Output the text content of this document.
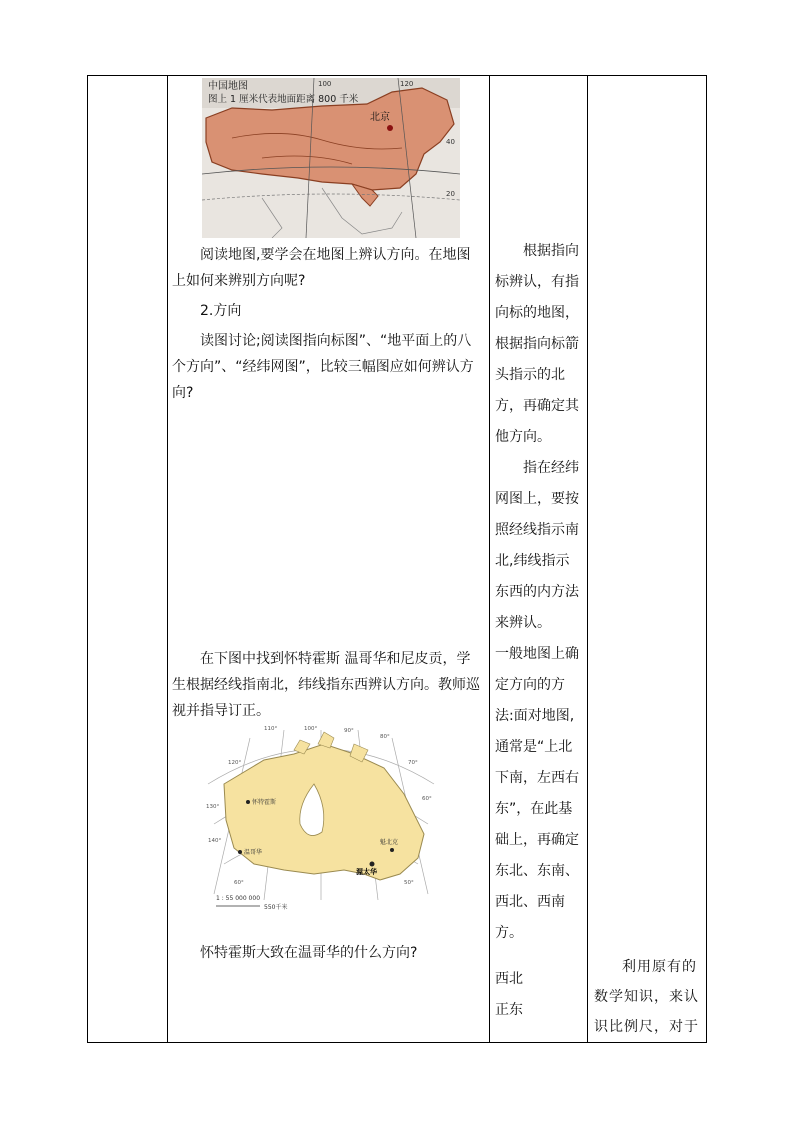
中国地图
图上 1 厘米代表地面距离 800 千米
北京
100	120
40
20

阅读地图,要学会在地图上辨认方向。在地图上如何来辨别方向呢?

2.方向

读图讨论;阅读图指向标图”、“地平面上的八个方向”、“经纬网图”，比较三幅图应如何辨认方向?

在下图中找到怀特霍斯 温哥华和尼皮贡，学生根据经线指南北，纬线指东西辨认方向。教师巡视并指导订正。

怀特霍斯
温哥华
渥太华
魁北克
110°	100°	90°
80°
70°
60°
120°
130°
140°
60°	50°
1 : 55 000 000
550千米

怀特霍斯大致在温哥华的什么方向?

根据指向标辨认，有指向标的地图，根据指向标箭头指示的北方，再确定其他方向。

指在经纬网图上，要按照经线指示南北,纬线指示东西的内方法来辨认。

一般地图上确定方向的方法:面对地图,通常是“上北下南，左西右东”，在此基础上，再确定东北、东南、西北、西南方。

西北

正东

利用原有的数学知识，来认识比例尺，对于
